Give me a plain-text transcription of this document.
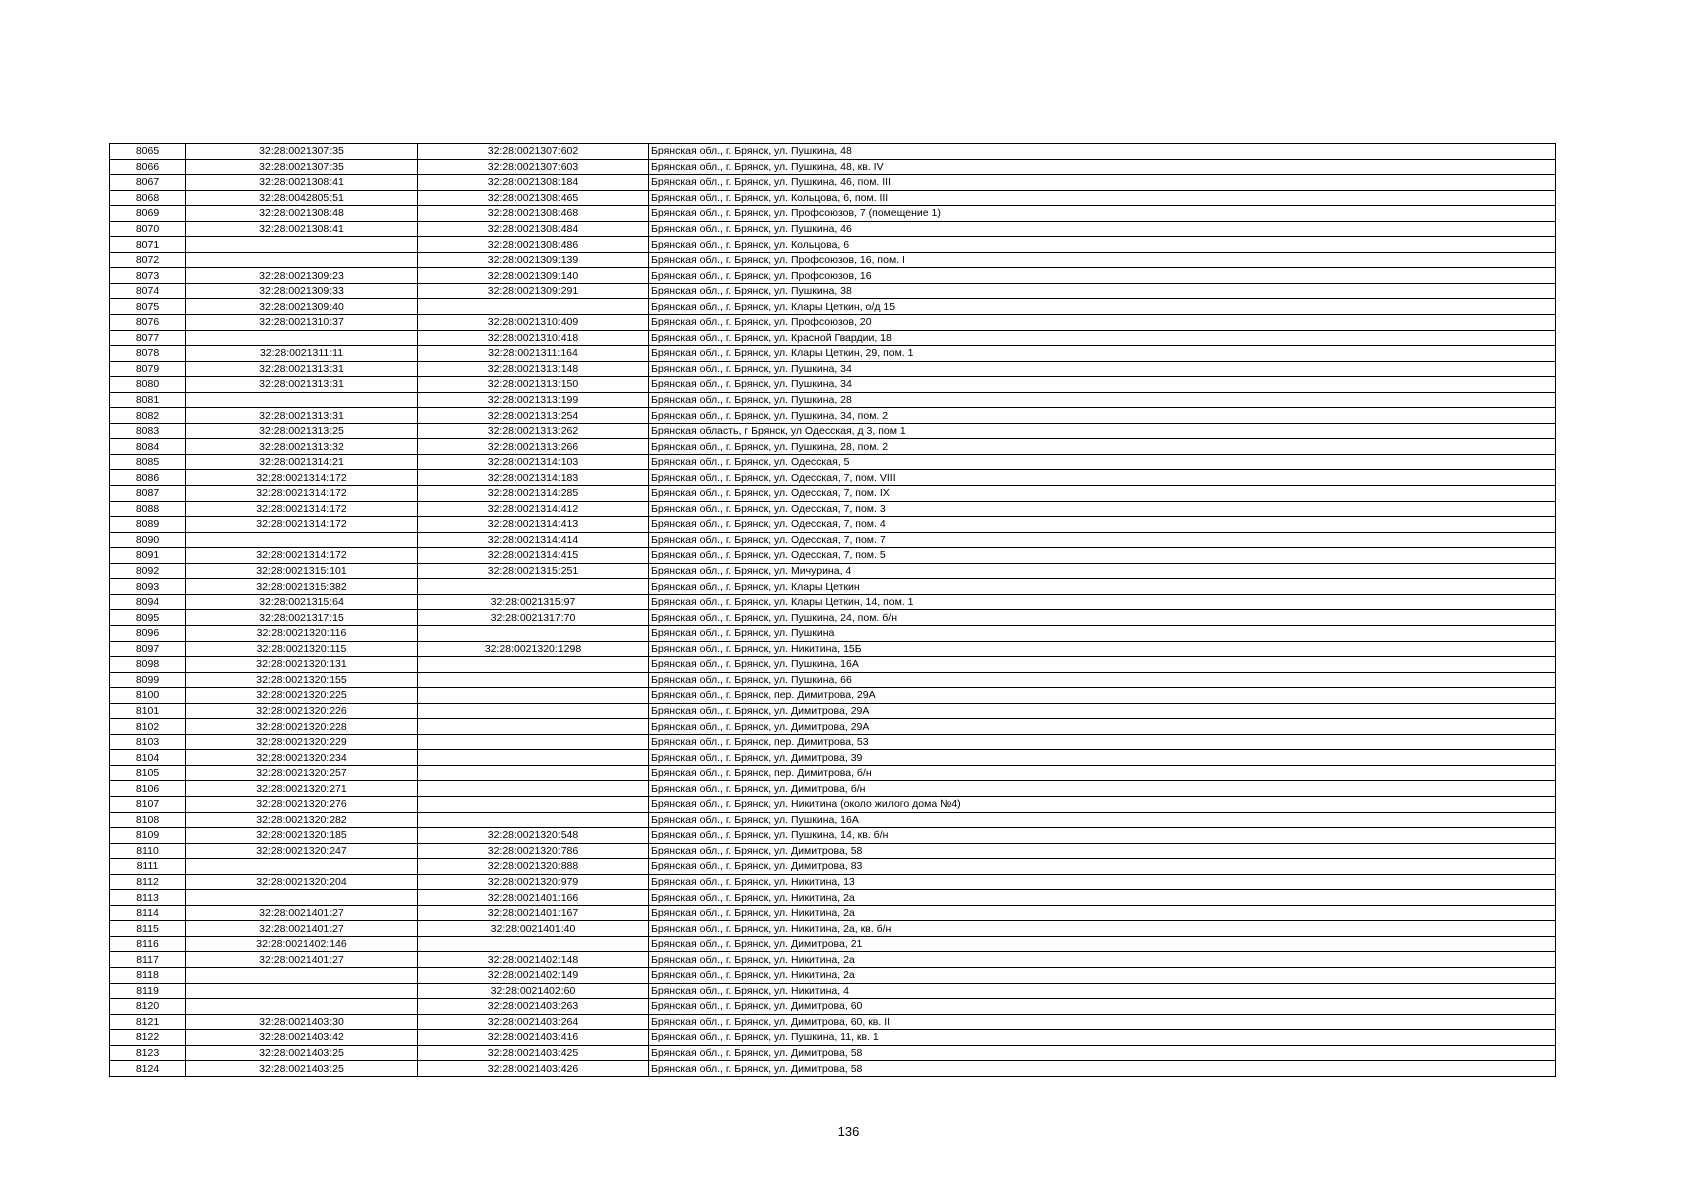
8065	32:28:0021307:35	32:28:0021307:602	Брянская обл., г. Брянск, ул. Пушкина, 48
8066	32:28:0021307:35	32:28:0021307:603	Брянская обл., г. Брянск, ул. Пушкина, 48, кв. IV
8067	32:28:0021308:41	32:28:0021308:184	Брянская обл., г. Брянск, ул. Пушкина, 46, пом. III
8068	32:28:0042805:51	32:28:0021308:465	Брянская обл., г. Брянск, ул. Кольцова, 6, пом. III
8069	32:28:0021308:48	32:28:0021308:468	Брянская обл., г. Брянск, ул. Профсоюзов, 7 (помещение 1)
8070	32:28:0021308:41	32:28:0021308:484	Брянская обл., г. Брянск, ул. Пушкина, 46
8071		32:28:0021308:486	Брянская обл., г. Брянск, ул. Кольцова, 6
8072		32:28:0021309:139	Брянская обл., г. Брянск, ул. Профсоюзов, 16, пом. I
8073	32:28:0021309:23	32:28:0021309:140	Брянская обл., г. Брянск, ул. Профсоюзов, 16
8074	32:28:0021309:33	32:28:0021309:291	Брянская обл., г. Брянск, ул. Пушкина, 38
8075	32:28:0021309:40		Брянская обл., г. Брянск, ул. Клары Цеткин, о/д 15
8076	32:28:0021310:37	32:28:0021310:409	Брянская обл., г. Брянск, ул. Профсоюзов, 20
8077		32:28:0021310:418	Брянская обл., г. Брянск, ул. Красной Гвардии, 18
8078	32:28:0021311:11	32:28:0021311:164	Брянская обл., г. Брянск, ул. Клары Цеткин, 29, пом. 1
8079	32:28:0021313:31	32:28:0021313:148	Брянская обл., г. Брянск, ул. Пушкина, 34
8080	32:28:0021313:31	32:28:0021313:150	Брянская обл., г. Брянск, ул. Пушкина, 34
8081		32:28:0021313:199	Брянская обл., г. Брянск, ул. Пушкина, 28
8082	32:28:0021313:31	32:28:0021313:254	Брянская обл., г. Брянск, ул. Пушкина, 34, пом. 2
8083	32:28:0021313:25	32:28:0021313:262	Брянская область, г Брянск, ул Одесская, д 3, пом 1
8084	32:28:0021313:32	32:28:0021313:266	Брянская обл., г. Брянск, ул. Пушкина, 28, пом. 2
8085	32:28:0021314:21	32:28:0021314:103	Брянская обл., г. Брянск, ул. Одесская, 5
8086	32:28:0021314:172	32:28:0021314:183	Брянская обл., г. Брянск, ул. Одесская, 7, пом. VIII
8087	32:28:0021314:172	32:28:0021314:285	Брянская обл., г. Брянск, ул. Одесская, 7, пом. IX
8088	32:28:0021314:172	32:28:0021314:412	Брянская обл., г. Брянск, ул. Одесская, 7, пом. 3
8089	32:28:0021314:172	32:28:0021314:413	Брянская обл., г. Брянск, ул. Одесская, 7, пом. 4
8090		32:28:0021314:414	Брянская обл., г. Брянск, ул. Одесская, 7, пом. 7
8091	32:28:0021314:172	32:28:0021314:415	Брянская обл., г. Брянск, ул. Одесская, 7, пом. 5
8092	32:28:0021315:101	32:28:0021315:251	Брянская обл., г. Брянск, ул. Мичурина, 4
8093	32:28:0021315:382		Брянская обл., г. Брянск, ул. Клары Цеткин
8094	32:28:0021315:64	32:28:0021315:97	Брянская обл., г. Брянск, ул. Клары Цеткин, 14, пом. 1
8095	32:28:0021317:15	32:28:0021317:70	Брянская обл., г. Брянск, ул. Пушкина, 24, пом. б/н
8096	32:28:0021320:116		Брянская обл., г. Брянск, ул. Пушкина
8097	32:28:0021320:115	32:28:0021320:1298	Брянская обл., г. Брянск, ул. Никитина, 15Б
8098	32:28:0021320:131		Брянская обл., г. Брянск, ул. Пушкина, 16А
8099	32:28:0021320:155		Брянская обл., г. Брянск, ул. Пушкина, 66
8100	32:28:0021320:225		Брянская обл., г. Брянск, пер. Димитрова, 29А
8101	32:28:0021320:226		Брянская обл., г. Брянск, ул. Димитрова, 29А
8102	32:28:0021320:228		Брянская обл., г. Брянск, ул. Димитрова, 29А
8103	32:28:0021320:229		Брянская обл., г. Брянск, пер. Димитрова, 53
8104	32:28:0021320:234		Брянская обл., г. Брянск, ул. Димитрова, 39
8105	32:28:0021320:257		Брянская обл., г. Брянск, пер. Димитрова, б/н
8106	32:28:0021320:271		Брянская обл., г. Брянск, ул. Димитрова, б/н
8107	32:28:0021320:276		Брянская обл., г. Брянск, ул. Никитина (около жилого дома №4)
8108	32:28:0021320:282		Брянская обл., г. Брянск, ул. Пушкина, 16А
8109	32:28:0021320:185	32:28:0021320:548	Брянская обл., г. Брянск, ул. Пушкина, 14, кв. б/н
8110	32:28:0021320:247	32:28:0021320:786	Брянская обл., г. Брянск, ул. Димитрова, 58
8111		32:28:0021320:888	Брянская обл., г. Брянск, ул. Димитрова, 83
8112	32:28:0021320:204	32:28:0021320:979	Брянская обл., г. Брянск, ул. Никитина, 13
8113		32:28:0021401:166	Брянская обл., г. Брянск, ул. Никитина, 2а
8114	32:28:0021401:27	32:28:0021401:167	Брянская обл., г. Брянск, ул. Никитина, 2а
8115	32:28:0021401:27	32:28:0021401:40	Брянская обл., г. Брянск, ул. Никитина, 2а, кв. б/н
8116	32:28:0021402:146		Брянская обл., г. Брянск, ул. Димитрова, 21
8117	32:28:0021401:27	32:28:0021402:148	Брянская обл., г. Брянск, ул. Никитина, 2а
8118		32:28:0021402:149	Брянская обл., г. Брянск, ул. Никитина, 2а
8119		32:28:0021402:60	Брянская обл., г. Брянск, ул. Никитина, 4
8120		32:28:0021403:263	Брянская обл., г. Брянск, ул. Димитрова, 60
8121	32:28:0021403:30	32:28:0021403:264	Брянская обл., г. Брянск, ул. Димитрова, 60, кв. II
8122	32:28:0021403:42	32:28:0021403:416	Брянская обл., г. Брянск, ул. Пушкина, 11, кв. 1
8123	32:28:0021403:25	32:28:0021403:425	Брянская обл., г. Брянск, ул. Димитрова, 58
8124	32:28:0021403:25	32:28:0021403:426	Брянская обл., г. Брянск, ул. Димитрова, 58
136
